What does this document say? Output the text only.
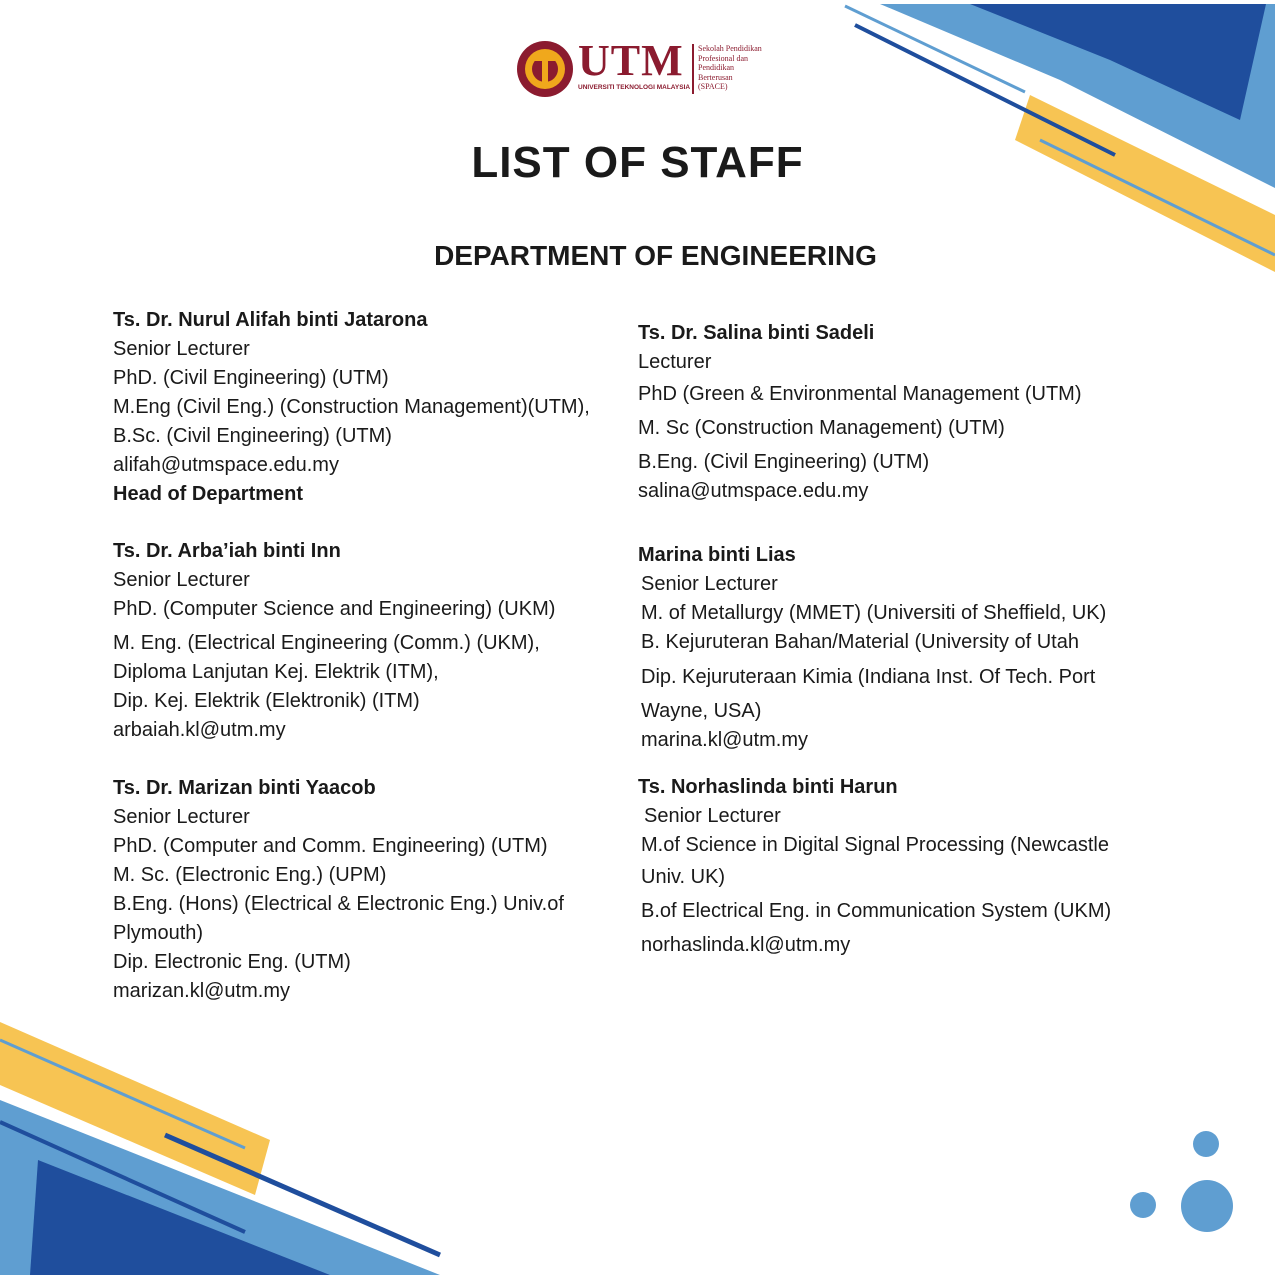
UTM
UNIVERSITI TEKNOLOGI MALAYSIA
Sekolah Pendidikan
Profesional dan
Pendidikan
Berterusan
(SPACE)
LIST OF STAFF
DEPARTMENT OF ENGINEERING
Ts. Dr. Nurul Alifah binti Jatarona
Senior Lecturer
PhD. (Civil Engineering) (UTM)
M.Eng (Civil Eng.) (Construction Management)(UTM),
B.Sc. (Civil Engineering) (UTM)
alifah@utmspace.edu.my
Head of Department
Ts. Dr. Arba’iah binti Inn
Senior Lecturer
PhD. (Computer Science and Engineering) (UKM)
M. Eng. (Electrical Engineering (Comm.) (UKM),
Diploma Lanjutan Kej. Elektrik (ITM),
Dip. Kej. Elektrik (Elektronik) (ITM)
arbaiah.kl@utm.my
Ts. Dr. Marizan binti Yaacob
Senior Lecturer
PhD. (Computer and Comm. Engineering) (UTM)
M. Sc. (Electronic Eng.) (UPM)
B.Eng. (Hons) (Electrical & Electronic Eng.) Univ.of
Plymouth)
Dip. Electronic Eng. (UTM)
marizan.kl@utm.my
Ts. Dr. Salina binti Sadeli
Lecturer
PhD (Green & Environmental Management (UTM)
M. Sc (Construction Management) (UTM)
B.Eng. (Civil Engineering) (UTM)
salina@utmspace.edu.my
Marina binti Lias
Senior Lecturer
M. of Metallurgy (MMET) (Universiti of Sheffield, UK)
B. Kejuruteran Bahan/Material (University of Utah
Dip. Kejuruteraan Kimia (Indiana Inst. Of Tech. Port
Wayne, USA)
marina.kl@utm.my
Ts. Norhaslinda binti Harun
Senior Lecturer
M.of Science in Digital Signal Processing (Newcastle
Univ. UK)
B.of Electrical Eng. in Communication System (UKM)
norhaslinda.kl@utm.my
